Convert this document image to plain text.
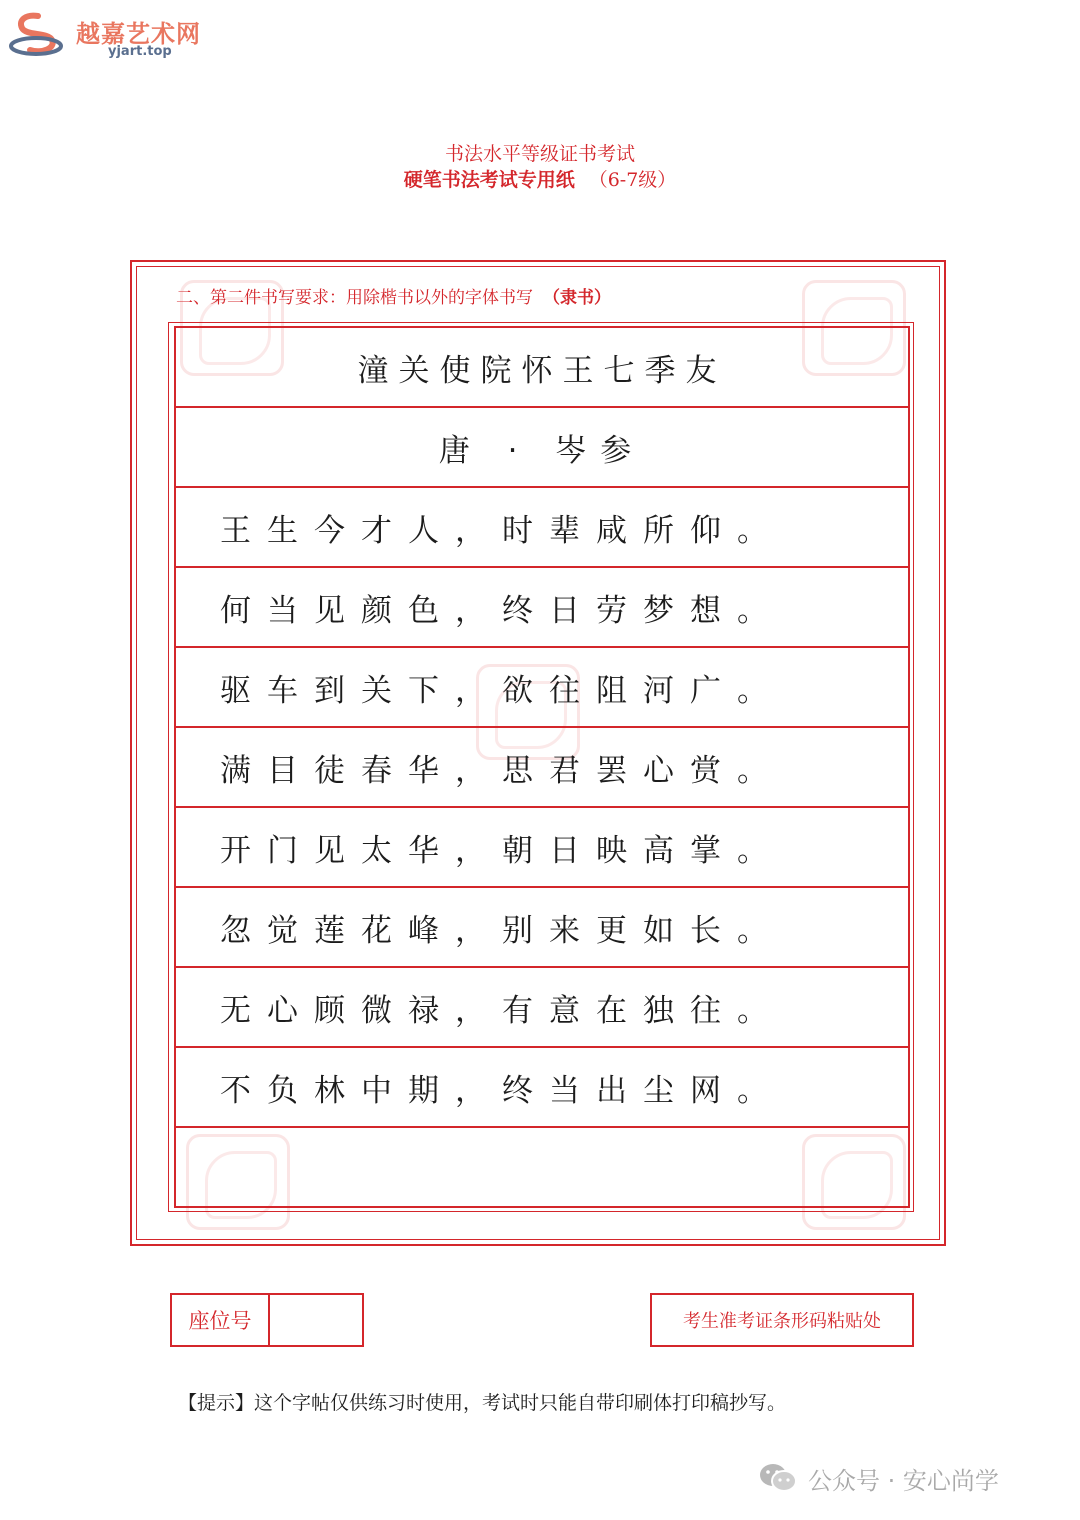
越嘉艺术网
yjart.top
书法水平等级证书考试
硬笔书法考试专用纸 （6-7级）
二、第二件书写要求：用除楷书以外的字体书写 （隶书）
潼关使院怀王七季友
唐 · 岑参
王生今才人，时辈咸所仰。
何当见颜色，终日劳梦想。
驱车到关下，欲往阻河广。
满目徒春华，思君罢心赏。
开门见太华，朝日映高掌。
忽觉莲花峰，别来更如长。
无心顾微禄，有意在独往。
不负林中期，终当出尘网。
座位号	考生准考证条形码粘贴处
【提示】这个字帖仅供练习时使用，考试时只能自带印刷体打印稿抄写。
公众号 · 安心尚学
